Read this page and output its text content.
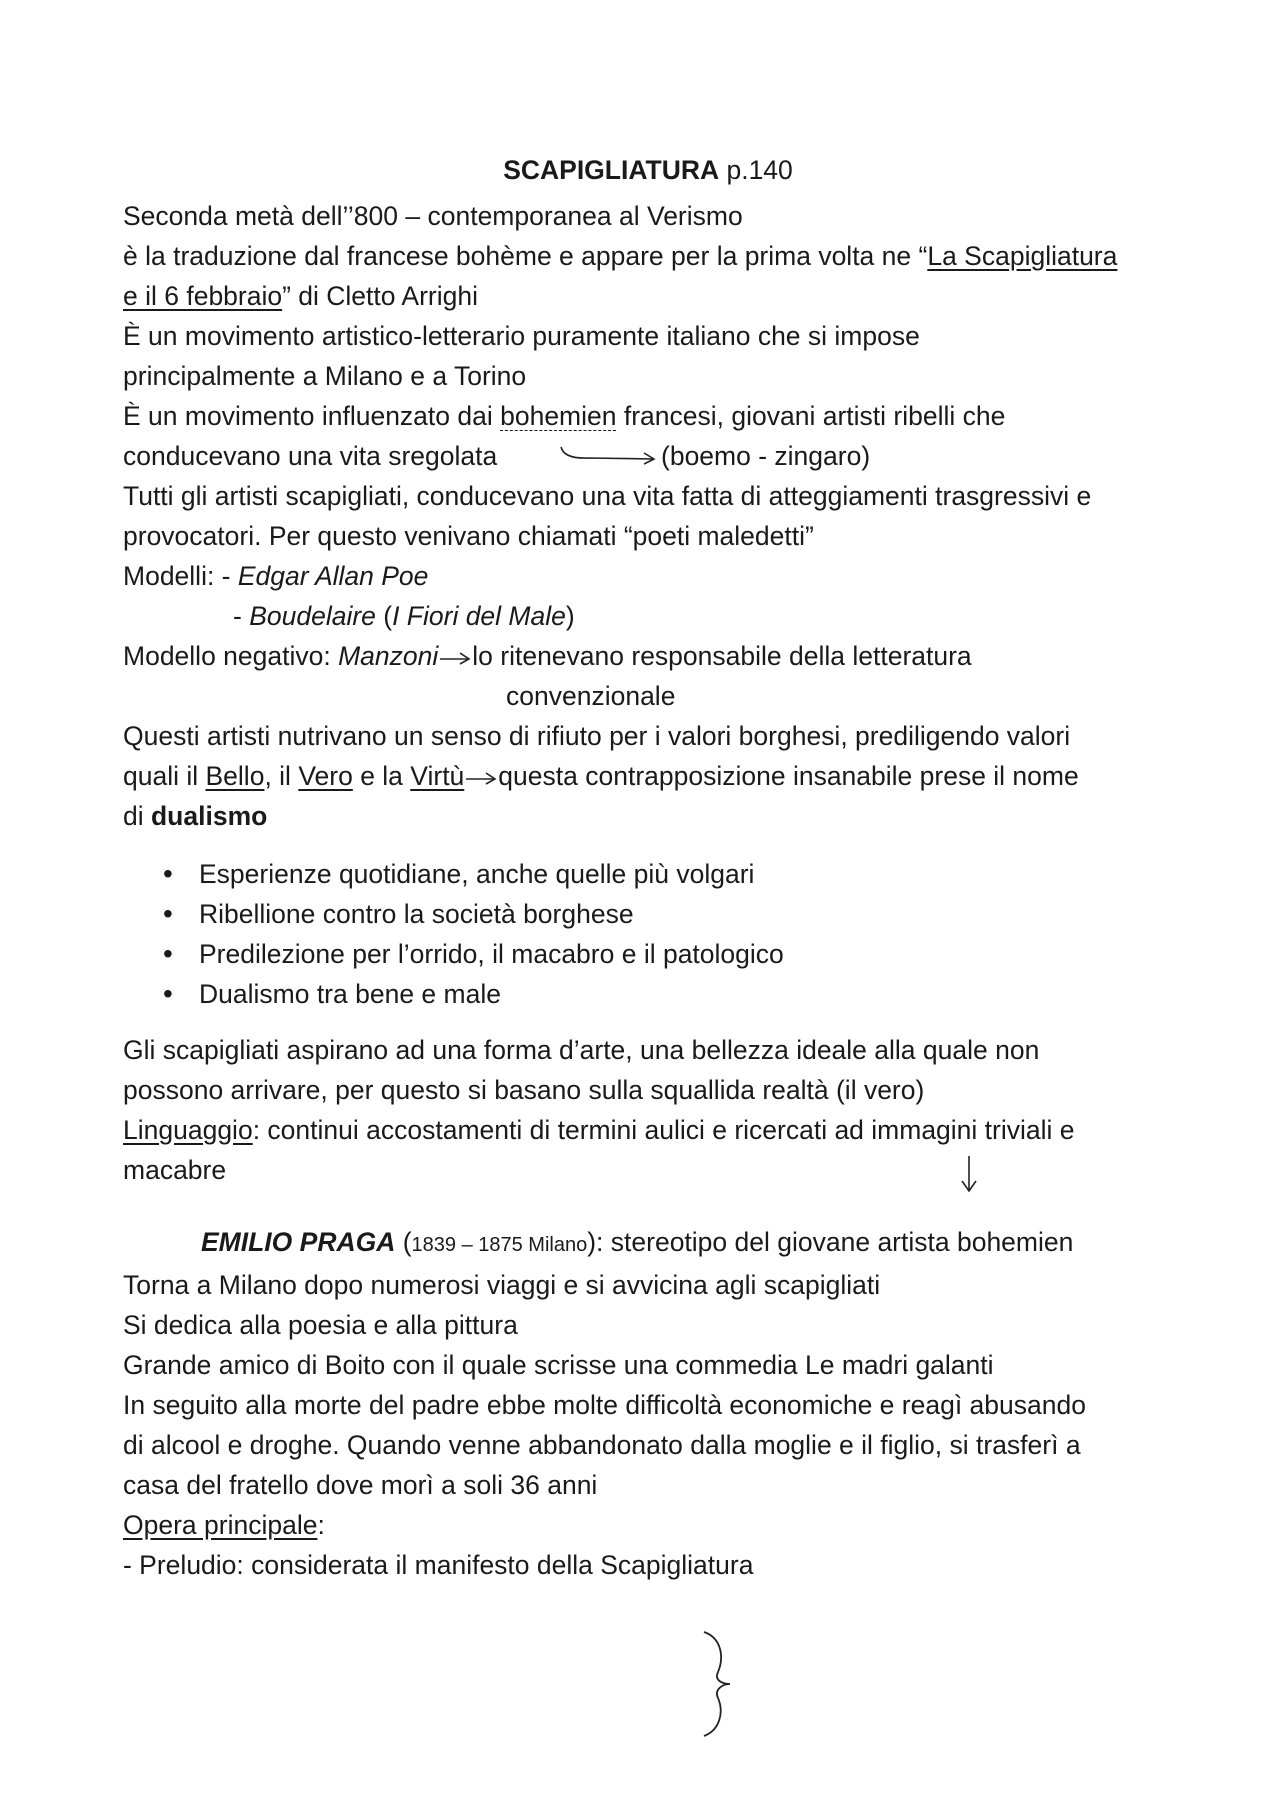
SCAPIGLIATURA p.140
Seconda metà dell’’800 – contemporanea al Verismo
è la traduzione dal francese bohème e appare per la prima volta ne “La Scapigliatura
e il 6 febbraio” di Cletto Arrighi
È un movimento artistico-letterario puramente italiano che si impose
principalmente a Milano e a Torino
È un movimento influenzato dai bohemien francesi, giovani artisti ribelli che
conducevano una vita sregolata	(boemo - zingaro)
Tutti gli artisti scapigliati, conducevano una vita fatta di atteggiamenti trasgressivi e
provocatori. Per questo venivano chiamati “poeti maledetti”
Modelli: - Edgar Allan Poe
- Boudelaire (I Fiori del Male)
Modello negativo: Manzoni lo ritenevano responsabile della letteratura
convenzionale
Questi artisti nutrivano un senso di rifiuto per i valori borghesi, prediligendo valori
quali il Bello, il Vero e la Virtù questa contrapposizione insanabile prese il nome
di dualismo
• Esperienze quotidiane, anche quelle più volgari
• Ribellione contro la società borghese
• Predilezione per l’orrido, il macabro e il patologico
• Dualismo tra bene e male
Gli scapigliati aspirano ad una forma d’arte, una bellezza ideale alla quale non
possono arrivare, per questo si basano sulla squallida realtà (il vero)
Linguaggio: continui accostamenti di termini aulici e ricercati ad immagini triviali e
macabre
EMILIO PRAGA (1839 – 1875 Milano): stereotipo del giovane artista bohemien
Torna a Milano dopo numerosi viaggi e si avvicina agli scapigliati
Si dedica alla poesia e alla pittura
Grande amico di Boito con il quale scrisse una commedia Le madri galanti
In seguito alla morte del padre ebbe molte difficoltà economiche e reagì abusando
di alcool e droghe. Quando venne abbandonato dalla moglie e il figlio, si trasferì a
casa del fratello dove morì a soli 36 anni
Opera principale:
- Preludio: considerata il manifesto della Scapigliatura
